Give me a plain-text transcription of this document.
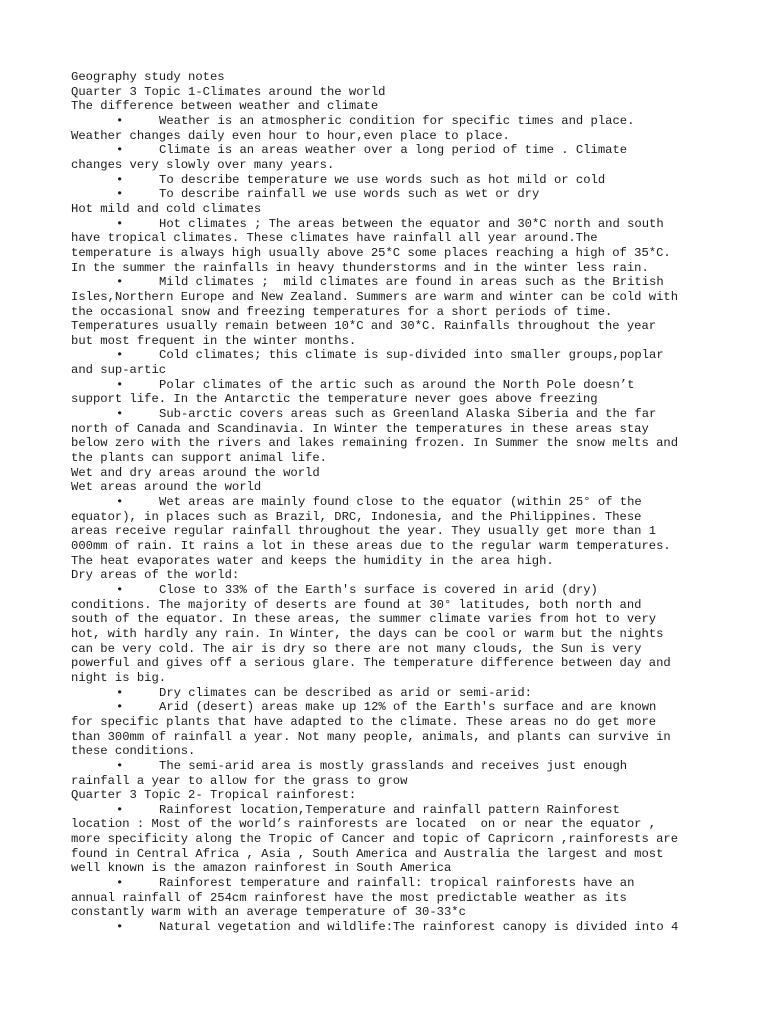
Geography study notes
Quarter 3 Topic 1-Climates around the world
The difference between weather and climate
•	Weather is an atmospheric condition for specific times and place.
Weather changes daily even hour to hour,even place to place.
•	Climate is an areas weather over a long period of time . Climate
changes very slowly over many years.
•	To describe temperature we use words such as hot mild or cold
•	To describe rainfall we use words such as wet or dry
Hot mild and cold climates
•	Hot climates ; The areas between the equator and 30*C north and south
have tropical climates. These climates have rainfall all year around.The
temperature is always high usually above 25*C some places reaching a high of 35*C.
In the summer the rainfalls in heavy thunderstorms and in the winter less rain.
•	Mild climates ;  mild climates are found in areas such as the British
Isles,Northern Europe and New Zealand. Summers are warm and winter can be cold with
the occasional snow and freezing temperatures for a short periods of time.
Temperatures usually remain between 10*C and 30*C. Rainfalls throughout the year
but most frequent in the winter months.
•	Cold climates; this climate is sup-divided into smaller groups,poplar
and sup-artic
•	Polar climates of the artic such as around the North Pole doesn’t
support life. In the Antarctic the temperature never goes above freezing
•	Sub-arctic covers areas such as Greenland Alaska Siberia and the far
north of Canada and Scandinavia. In Winter the temperatures in these areas stay
below zero with the rivers and lakes remaining frozen. In Summer the snow melts and
the plants can support animal life.
Wet and dry areas around the world
Wet areas around the world
•	Wet areas are mainly found close to the equator (within 25° of the
equator), in places such as Brazil, DRC, Indonesia, and the Philippines. These
areas receive regular rainfall throughout the year. They usually get more than 1
000mm of rain. It rains a lot in these areas due to the regular warm temperatures.
The heat evaporates water and keeps the humidity in the area high.
Dry areas of the world:
•	Close to 33% of the Earth's surface is covered in arid (dry)
conditions. The majority of deserts are found at 30° latitudes, both north and
south of the equator. In these areas, the summer climate varies from hot to very
hot, with hardly any rain. In Winter, the days can be cool or warm but the nights
can be very cold. The air is dry so there are not many clouds, the Sun is very
powerful and gives off a serious glare. The temperature difference between day and
night is big.
•	Dry climates can be described as arid or semi-arid:
•	Arid (desert) areas make up 12% of the Earth's surface and are known
for specific plants that have adapted to the climate. These areas no do get more
than 300mm of rainfall a year. Not many people, animals, and plants can survive in
these conditions.
•	The semi-arid area is mostly grasslands and receives just enough
rainfall a year to allow for the grass to grow
Quarter 3 Topic 2- Tropical rainforest:
•	Rainforest location,Temperature and rainfall pattern Rainforest
location : Most of the world’s rainforests are located  on or near the equator ,
more specificity along the Tropic of Cancer and topic of Capricorn ,rainforests are
found in Central Africa , Asia , South America and Australia the largest and most
well known is the amazon rainforest in South America
•	Rainforest temperature and rainfall: tropical rainforests have an
annual rainfall of 254cm rainforest have the most predictable weather as its
constantly warm with an average temperature of 30-33*c
•	Natural vegetation and wildlife:The rainforest canopy is divided into 4
